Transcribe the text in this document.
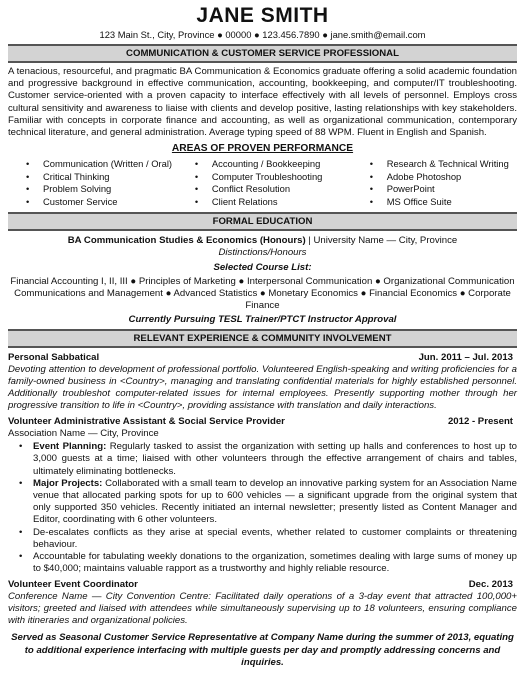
JANE SMITH
123 Main St., City, Province ● 00000 ● 123.456.7890 ● jane.smith@email.com
COMMUNICATION & CUSTOMER SERVICE PROFESSIONAL

A tenacious, resourceful, and pragmatic BA Communication & Economics graduate offering a solid academic foundation and progressive background in effective communication, accounting, bookkeeping, and computer/IT troubleshooting. Customer service-oriented with a proven capacity to interface effectively with all levels of personnel. Employs cross cultural sensitivity and awareness to liaise with clients and develop positive, lasting relationships with key stakeholders. Familiar with concepts in corporate finance and accounting, as well as organizational communication, contemporary technical literature, and general administration. Average typing speed of 88 WPM. Fluent in English and Spanish.

AREAS OF PROVEN PERFORMANCE
• Communication (Written / Oral)
• Critical Thinking
• Problem Solving
• Customer Service
• Accounting / Bookkeeping
• Computer Troubleshooting
• Conflict Resolution
• Client Relations
• Research & Technical Writing
• Adobe Photoshop
• PowerPoint
• MS Office Suite
FORMAL EDUCATION
BA Communication Studies & Economics (Honours) | University Name — City, Province
Distinctions/Honours
Selected Course List:
Financial Accounting I, II, III ● Principles of Marketing ● Interpersonal Communication ● Organizational Communication
Communications and Management ● Advanced Statistics ● Monetary Economics ● Financial Economics ● Corporate Finance
Currently Pursuing TESL Trainer/PTCT Instructor Approval
RELEVANT EXPERIENCE & COMMUNITY INVOLVEMENT
Personal Sabbatical	Jun. 2011 – Jul. 2013

Devoting attention to development of professional portfolio. Volunteered English-speaking and writing proficiencies for a family-owned business in <Country>, managing and translating confidential materials for highly established personnel. Additionally troubleshot computer-related issues for internal employees. Presently supporting mother through her progressive transition to life in <Country>, providing assistance with translation and daily interactions.

Volunteer Administrative Assistant & Social Service Provider	2012 - Present
Association Name — City, Province
• Event Planning: Regularly tasked to assist the organization with setting up halls and conferences to host up to 3,000 guests at a time; liaised with other volunteers through the effective arrangement of chairs and tables, ultimately eliminating bottlenecks.
• Major Projects: Collaborated with a small team to develop an innovative parking system for an Association Name venue that allocated parking spots for up to 600 vehicles — a significant upgrade from the original system that only supported 350 vehicles. Recently initiated an internal newsletter; presently listed as Content Manager and Editor, coordinating with 6 other volunteers.
• De-escalates conflicts as they arise at special events, whether related to customer complaints or threatening behaviour.
• Accountable for tabulating weekly donations to the organization, sometimes dealing with large sums of money up to $40,000; maintains valuable rapport as a trustworthy and highly reliable resource.
Volunteer Event Coordinator	Dec. 2013

Conference Name — City Convention Centre: Facilitated daily operations of a 3-day event that attracted 100,000+ visitors; greeted and liaised with attendees while simultaneously supervising up to 18 volunteers, ensuring compliance with itineraries and organizational policies.

Served as Seasonal Customer Service Representative at Company Name during the summer of 2013, equating to additional experience interfacing with multiple guests per day and promptly addressing concerns and inquiries.
